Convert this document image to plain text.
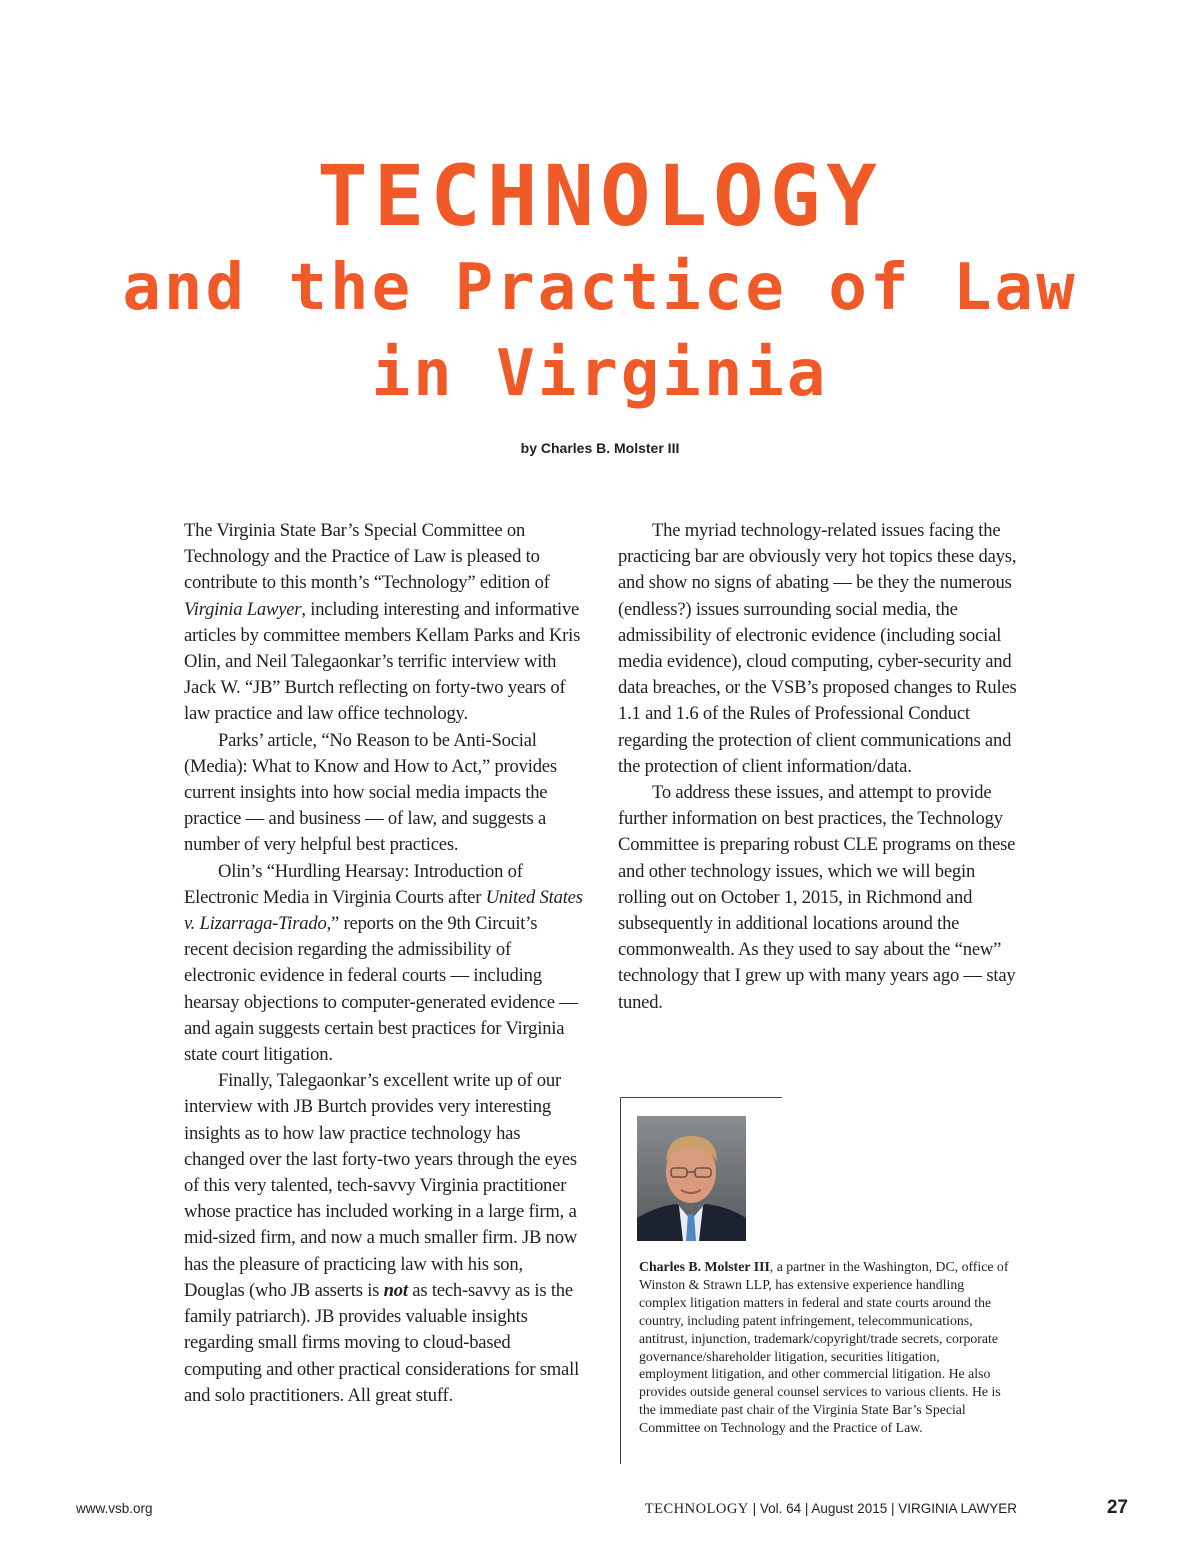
TECHNOLOGY
and the Practice of Law
in Virginia
by Charles B. Molster III

The Virginia State Bar’s Special Committee on Technology and the Practice of Law is pleased to contribute to this month’s “Technology” edition of Virginia Lawyer, including interesting and informative articles by committee members Kellam Parks and Kris Olin, and Neil Talegaonkar’s terrific interview with Jack W. “JB” Burtch reflecting on forty-two years of law practice and law office technology.

Parks’ article, “No Reason to be Anti-Social (Media): What to Know and How to Act,” provides current insights into how social media impacts the practice — and business — of law, and suggests a number of very helpful best practices.

Olin’s “Hurdling Hearsay: Introduction of Electronic Media in Virginia Courts after United States v. Lizarraga-Tirado,” reports on the 9th Circuit’s recent decision regarding the admissibility of electronic evidence in federal courts — including hearsay objections to computer-generated evidence — and again suggests certain best practices for Virginia state court litigation.

Finally, Talegaonkar’s excellent write up of our interview with JB Burtch provides very interesting insights as to how law practice technology has changed over the last forty-two years through the eyes of this very talented, tech-savvy Virginia practitioner whose practice has included working in a large firm, a mid-sized firm, and now a much smaller firm. JB now has the pleasure of practicing law with his son, Douglas (who JB asserts is not as tech-savvy as is the family patriarch). JB provides valuable insights regarding small firms moving to cloud-based computing and other practical considerations for small and solo practitioners. All great stuff.

The myriad technology-related issues facing the practicing bar are obviously very hot topics these days, and show no signs of abating — be they the numerous (endless?) issues surrounding social media, the admissibility of electronic evidence (including social media evidence), cloud computing, cyber-security and data breaches, or the VSB’s proposed changes to Rules 1.1 and 1.6 of the Rules of Professional Conduct regarding the protection of client communications and the protection of client information/data.

To address these issues, and attempt to provide further information on best practices, the Technology Committee is preparing robust CLE programs on these and other technology issues, which we will begin rolling out on October 1, 2015, in Richmond and subsequently in additional locations around the commonwealth. As they used to say about the “new” technology that I grew up with many years ago — stay tuned.

Charles B. Molster III, a partner in the Washington, DC, office of Winston & Strawn LLP, has extensive experience handling complex litigation matters in federal and state courts around the country, including patent infringement, telecommunications, antitrust, injunction, trademark/copyright/trade secrets, corporate governance/shareholder litigation, securities litigation, employment litigation, and other commercial litigation. He also provides outside general counsel services to various clients. He is the immediate past chair of the Virginia State Bar’s Special Committee on Technology and the Practice of Law.
www.vsb.org	TECHNOLOGY | Vol. 64 | August 2015 | VIRGINIA LAWYER	27
